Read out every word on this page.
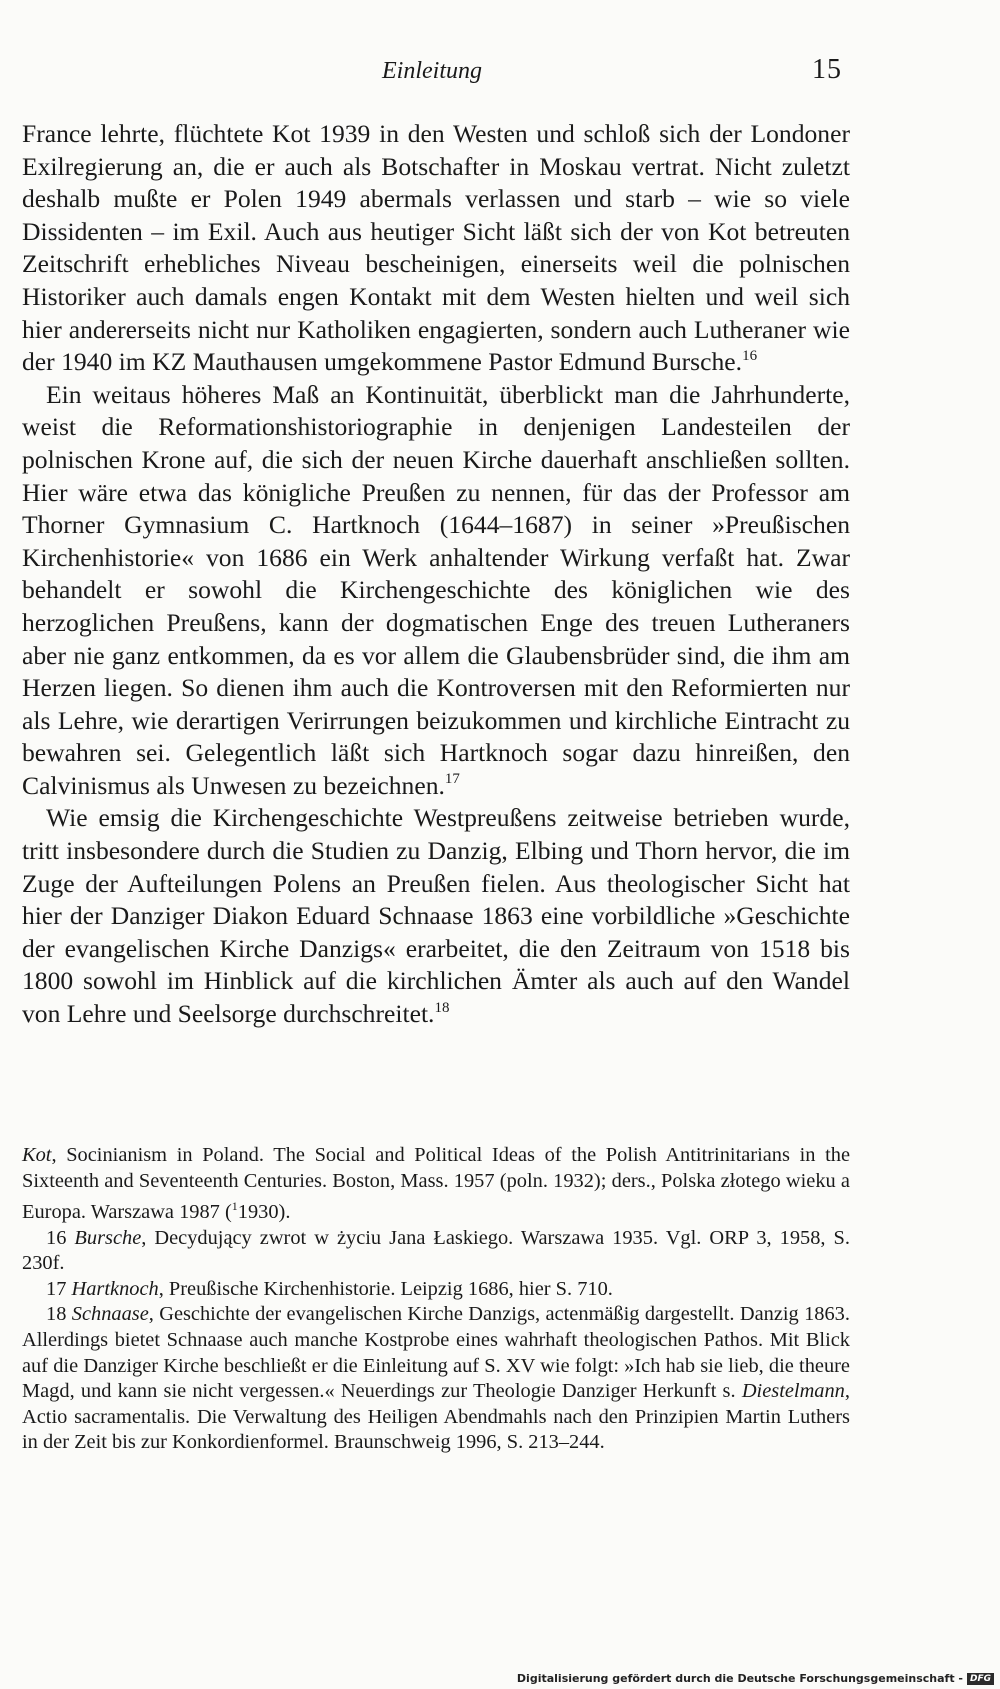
Einleitung	15

France lehrte, flüchtete Kot 1939 in den Westen und schloß sich der Londoner Exilregierung an, die er auch als Botschafter in Moskau vertrat. Nicht zuletzt deshalb mußte er Polen 1949 abermals verlassen und starb – wie so viele Dissidenten – im Exil. Auch aus heutiger Sicht läßt sich der von Kot betreuten Zeitschrift erhebliches Niveau bescheinigen, einerseits weil die polnischen Historiker auch damals engen Kontakt mit dem Westen hielten und weil sich hier andererseits nicht nur Katholiken engagierten, sondern auch Lutheraner wie der 1940 im KZ Mauthausen umgekommene Pastor Edmund Bursche.$^{16}$

Ein weitaus höheres Maß an Kontinuität, überblickt man die Jahrhunderte, weist die Reformationshistoriographie in denjenigen Landesteilen der polnischen Krone auf, die sich der neuen Kirche dauerhaft anschließen sollten. Hier wäre etwa das königliche Preußen zu nennen, für das der Professor am Thorner Gymnasium C. Hartknoch (1644–1687) in seiner »Preußischen Kirchenhistorie« von 1686 ein Werk anhaltender Wirkung verfaßt hat. Zwar behandelt er sowohl die Kirchengeschichte des königlichen wie des herzoglichen Preußens, kann der dogmatischen Enge des treuen Lutheraners aber nie ganz entkommen, da es vor allem die Glaubensbrüder sind, die ihm am Herzen liegen. So dienen ihm auch die Kontroversen mit den Reformierten nur als Lehre, wie derartigen Verirrungen beizukommen und kirchliche Eintracht zu bewahren sei. Gelegentlich läßt sich Hartknoch sogar dazu hinreißen, den Calvinismus als Unwesen zu bezeichnen.$^{17}$

Wie emsig die Kirchengeschichte Westpreußens zeitweise betrieben wurde, tritt insbesondere durch die Studien zu Danzig, Elbing und Thorn hervor, die im Zuge der Aufteilungen Polens an Preußen fielen. Aus theologischer Sicht hat hier der Danziger Diakon Eduard Schnaase 1863 eine vorbildliche »Geschichte der evangelischen Kirche Danzigs« erarbeitet, die den Zeitraum von 1518 bis 1800 sowohl im Hinblick auf die kirchlichen Ämter als auch auf den Wandel von Lehre und Seelsorge durchschreitet.$^{18}$

Kot, Socinianism in Poland. The Social and Political Ideas of the Polish Antitrinitarians in the Sixteenth and Seventeenth Centuries. Boston, Mass. 1957 (poln. 1932); ders., Polska złotego wieku a Europa. Warszawa 1987 ($^1$1930).

16 Bursche, Decydujący zwrot w życiu Jana Łaskiego. Warszawa 1935. Vgl. ORP 3, 1958, S. 230f.

17 Hartknoch, Preußische Kirchenhistorie. Leipzig 1686, hier S. 710.

18 Schnaase, Geschichte der evangelischen Kirche Danzigs, actenmäßig dargestellt. Danzig 1863. Allerdings bietet Schnaase auch manche Kostprobe eines wahrhaft theologischen Pathos. Mit Blick auf die Danziger Kirche beschließt er die Einleitung auf S. XV wie folgt: »Ich hab sie lieb, die theure Magd, und kann sie nicht vergessen.« Neuerdings zur Theologie Danziger Herkunft s. Diestelmann, Actio sacramentalis. Die Verwaltung des Heiligen Abendmahls nach den Prinzipien Martin Luthers in der Zeit bis zur Konkordienformel. Braunschweig 1996, S. 213–244.

Digitalisierung gefördert durch die Deutsche Forschungsgemeinschaft - DFG
